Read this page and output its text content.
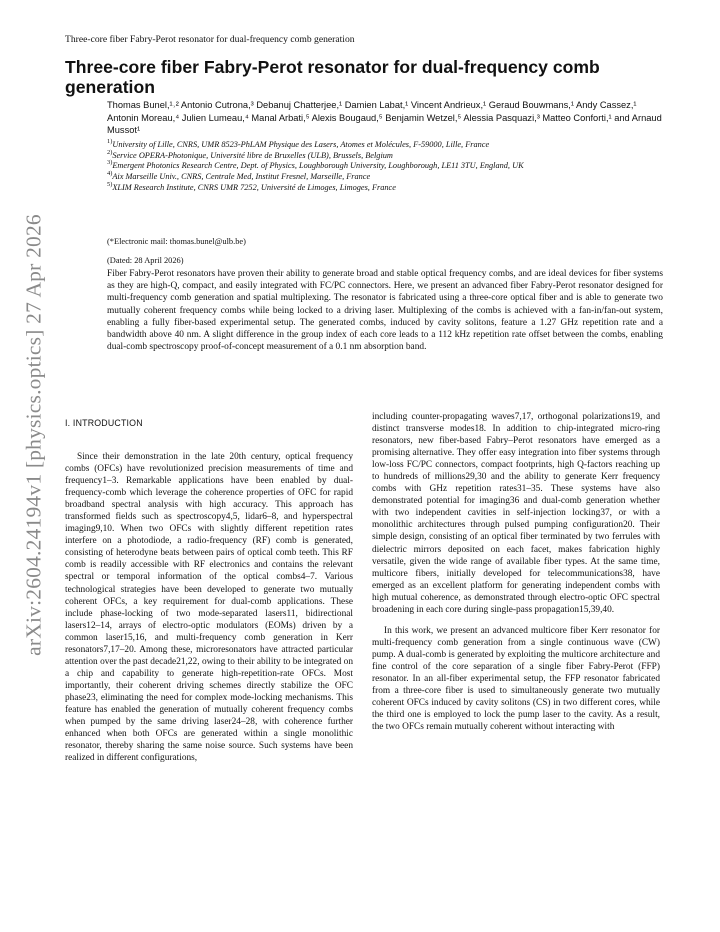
arXiv:2604.24194v1 [physics.optics] 27 Apr 2026
Three-core fiber Fabry-Perot resonator for dual-frequency comb generation
Three-core fiber Fabry-Perot resonator for dual-frequency comb generation
Thomas Bunel,¹˒² Antonio Cutrona,³ Debanuj Chatterjee,¹ Damien Labat,¹ Vincent Andrieux,¹ Geraud Bouwmans,¹ Andy Cassez,¹ Antonin Moreau,⁴ Julien Lumeau,⁴ Manal Arbati,⁵ Alexis Bougaud,⁵ Benjamin Wetzel,⁵ Alessia Pasquazi,³ Matteo Conforti,¹ and Arnaud Mussot¹
$^{1)}$University of Lille, CNRS, UMR 8523-PhLAM Physique des Lasers, Atomes et Molécules, F-59000, Lille, France
$^{2)}$Service OPERA-Photonique, Université libre de Bruxelles (ULB), Brussels, Belgium
$^{3)}$Emergent Photonics Research Centre, Dept. of Physics, Loughborough University, Loughborough, LE11 3TU, England, UK
$^{4)}$Aix Marseille Univ., CNRS, Centrale Med, Institut Fresnel, Marseille, France
$^{5)}$XLIM Research Institute, CNRS UMR 7252, Université de Limoges, Limoges, France
(*Electronic mail: thomas.bunel@ulb.be)
(Dated: 28 April 2026)
Fiber Fabry-Perot resonators have proven their ability to generate broad and stable optical frequency combs, and are ideal devices for fiber systems as they are high-Q, compact, and easily integrated with FC/PC connectors. Here, we present an advanced fiber Fabry-Perot resonator designed for multi-frequency comb generation and spatial multiplexing. The resonator is fabricated using a three-core optical fiber and is able to generate two mutually coherent frequency combs while being locked to a driving laser. Multiplexing of the combs is achieved with a fan-in/fan-out system, enabling a fully fiber-based experimental setup. The generated combs, induced by cavity solitons, feature a 1.27 GHz repetition rate and a bandwidth above 40 nm. A slight difference in the group index of each core leads to a 112 kHz repetition rate offset between the combs, enabling dual-comb spectroscopy proof-of-concept measurement of a 0.1 nm absorption band.
I. INTRODUCTION

Since their demonstration in the late 20th century, optical frequency combs (OFCs) have revolutionized precision measurements of time and frequency1–3. Remarkable applications have been enabled by dual-frequency-comb which leverage the coherence properties of OFC for rapid broadband spectral analysis with high accuracy. This approach has transformed fields such as spectroscopy4,5, lidar6–8, and hyperspectral imaging9,10. When two OFCs with slightly different repetition rates interfere on a photodiode, a radio-frequency (RF) comb is generated, consisting of heterodyne beats between pairs of optical comb teeth. This RF comb is readily accessible with RF electronics and contains the relevant spectral or temporal information of the optical combs4–7. Various technological strategies have been developed to generate two mutually coherent OFCs, a key requirement for dual-comb applications. These include phase-locking of two mode-separated lasers11, bidirectional lasers12–14, arrays of electro-optic modulators (EOMs) driven by a common laser15,16, and multi-frequency comb generation in Kerr resonators7,17–20. Among these, microresonators have attracted particular attention over the past decade21,22, owing to their ability to be integrated on a chip and capability to generate high-repetition-rate OFCs. Most importantly, their coherent driving schemes directly stabilize the OFC phase23, eliminating the need for complex mode-locking mechanisms. This feature has enabled the generation of mutually coherent frequency combs when pumped by the same driving laser24–28, with coherence further enhanced when both OFCs are generated within a single monolithic resonator, thereby sharing the same noise source. Such systems have been realized in different configurations,

including counter-propagating waves7,17, orthogonal polarizations19, and distinct transverse modes18. In addition to chip-integrated micro-ring resonators, new fiber-based Fabry–Perot resonators have emerged as a promising alternative. They offer easy integration into fiber systems through low-loss FC/PC connectors, compact footprints, high Q-factors reaching up to hundreds of millions29,30 and the ability to generate Kerr frequency combs with GHz repetition rates31–35. These systems have also demonstrated potential for imaging36 and dual-comb generation whether with two independent cavities in self-injection locking37, or with a monolithic architectures through pulsed pumping configuration20. Their simple design, consisting of an optical fiber terminated by two ferrules with dielectric mirrors deposited on each facet, makes fabrication highly versatile, given the wide range of available fiber types. At the same time, multicore fibers, initially developed for telecommunications38, have emerged as an excellent platform for generating independent combs with high mutual coherence, as demonstrated through electro-optic OFC spectral broadening in each core during single-pass propagation15,39,40.

In this work, we present an advanced multicore fiber Kerr resonator for multi-frequency comb generation from a single continuous wave (CW) pump. A dual-comb is generated by exploiting the multicore architecture and fine control of the core separation of a single fiber Fabry-Perot (FFP) resonator. In an all-fiber experimental setup, the FFP resonator fabricated from a three-core fiber is used to simultaneously generate two mutually coherent OFCs induced by cavity solitons (CS) in two different cores, while the third one is employed to lock the pump laser to the cavity. As a result, the two OFCs remain mutually coherent without interacting with
